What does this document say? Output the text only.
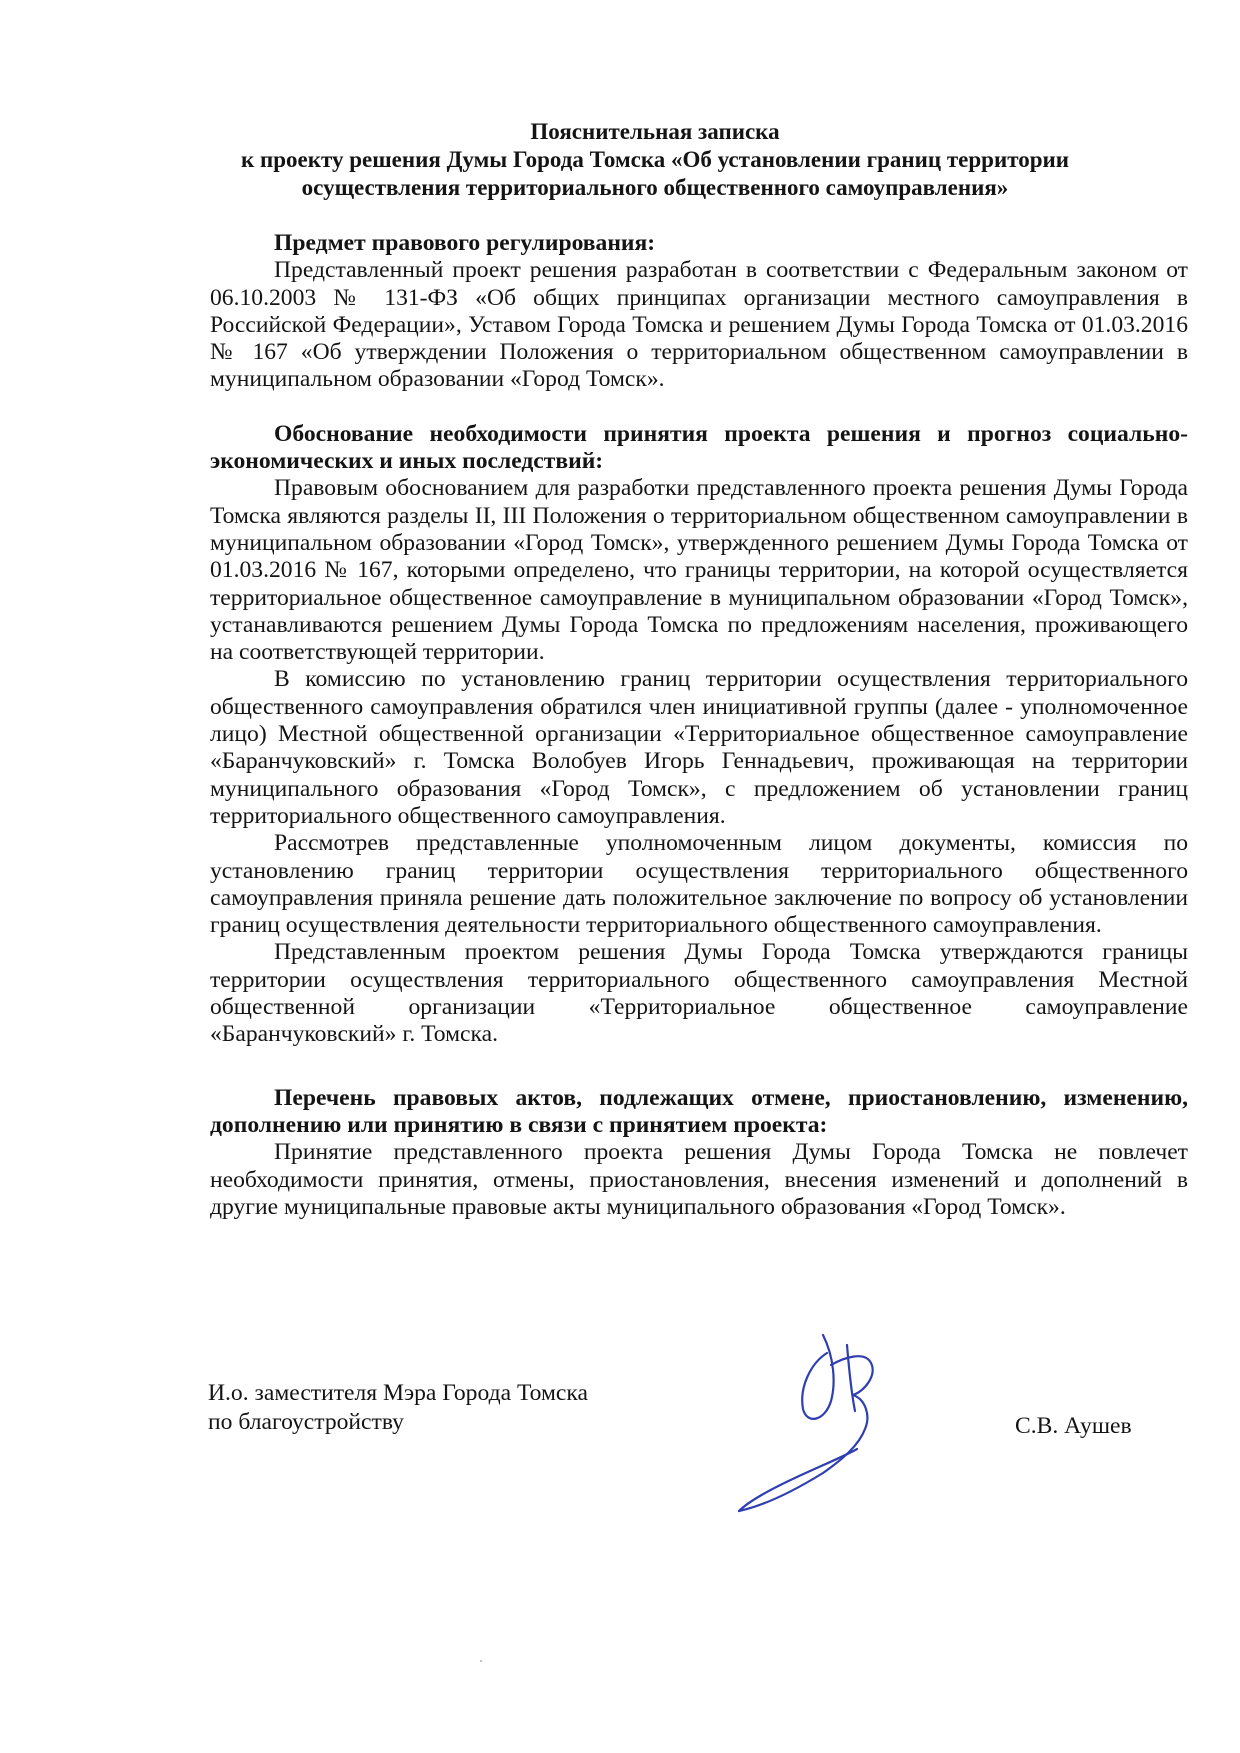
Пояснительная записка
к проекту решения Думы Города Томска «Об установлении границ территории
осуществления территориального общественного самоуправления»

Предмет правового регулирования:

Представленный проект решения разработан в соответствии с Федеральным законом от 06.10.2003 № 131-ФЗ «Об общих принципах организации местного самоуправления в Российской Федерации», Уставом Города Томска и решением Думы Города Томска от 01.03.2016 № 167 «Об утверждении Положения о территориальном общественном самоуправлении в муниципальном образовании «Город Томск».

Обоснование необходимости принятия проекта решения и прогноз социально-экономических и иных последствий:

Правовым обоснованием для разработки представленного проекта решения Думы Города Томска являются разделы II, III Положения о территориальном общественном самоуправлении в муниципальном образовании «Город Томск», утвержденного решением Думы Города Томска от 01.03.2016 № 167, которыми определено, что границы территории, на которой осуществляется территориальное общественное самоуправление в муниципальном образовании «Город Томск», устанавливаются решением Думы Города Томска по предложениям населения, проживающего на соответствующей территории.

В комиссию по установлению границ территории осуществления территориального общественного самоуправления обратился член инициативной группы (далее - уполномоченное лицо) Местной общественной организации «Территориальное общественное самоуправление «Баранчуковский» г. Томска Волобуев Игорь Геннадьевич, проживающая на территории муниципального образования «Город Томск», с предложением об установлении границ территориального общественного самоуправления.

Рассмотрев представленные уполномоченным лицом документы, комиссия по установлению границ территории осуществления территориального общественного самоуправления приняла решение дать положительное заключение по вопросу об установлении границ осуществления деятельности территориального общественного самоуправления.

Представленным проектом решения Думы Города Томска утверждаются границы территории осуществления территориального общественного самоуправления Местной общественной организации «Территориальное общественное самоуправление «Баранчуковский» г. Томска.

Перечень правовых актов, подлежащих отмене, приостановлению, изменению, дополнению или принятию в связи с принятием проекта:

Принятие представленного проекта решения Думы Города Томска не повлечет необходимости принятия, отмены, приостановления, внесения изменений и дополнений в другие муниципальные правовые акты муниципального образования «Город Томск».

И.о. заместителя Мэра Города Томска
по благоустройству	С.В. Аушев
